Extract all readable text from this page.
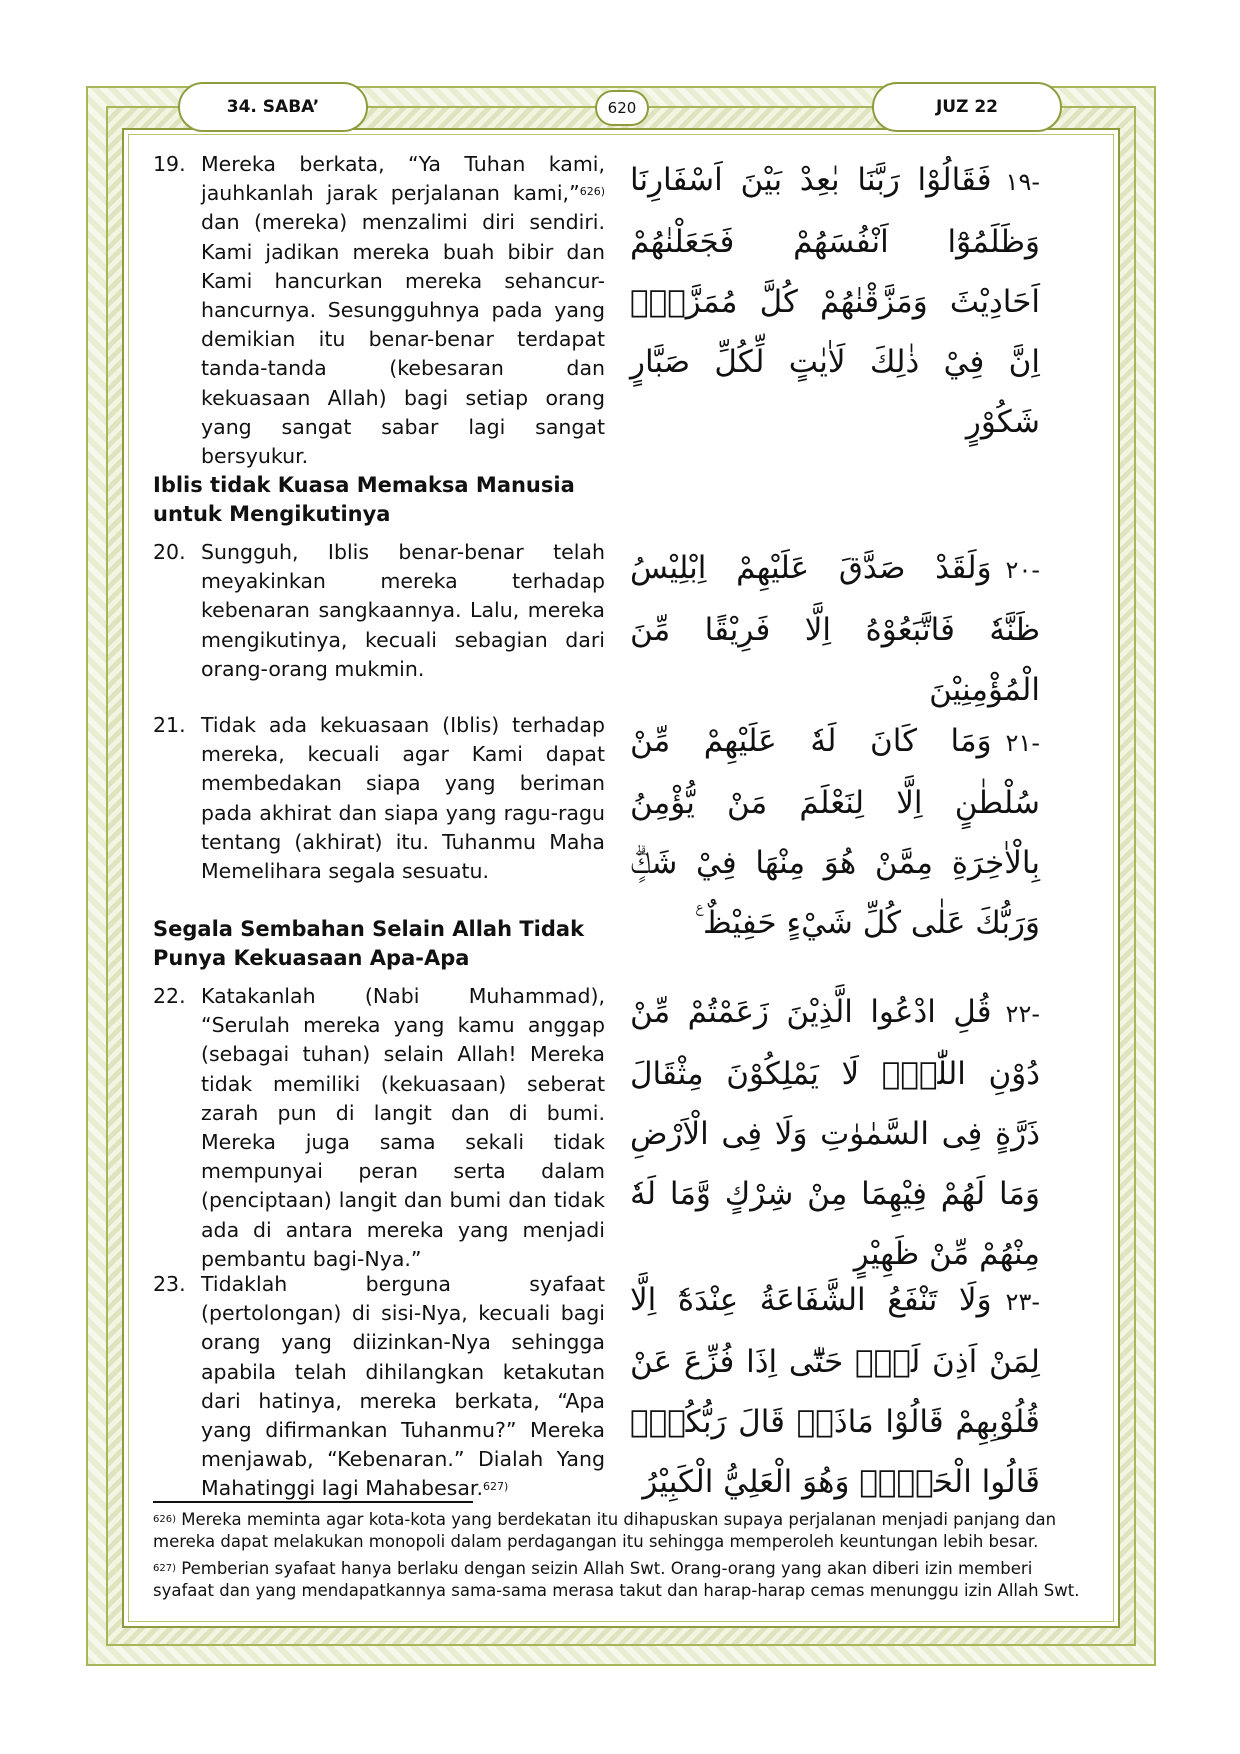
34. SABA’	620	JUZ 22
19. Mereka berkata, “Ya Tuhan kami, jauhkanlah jarak perjalanan kami,”$^{626)}$ dan (mereka) menzalimi diri sendiri. Kami jadikan mereka buah bibir dan Kami hancurkan mereka sehancur-hancurnya. Sesungguhnya pada yang demikian itu benar-benar terdapat tanda-tanda (kebesaran dan kekuasaan Allah) bagi setiap orang yang sangat sabar lagi sangat bersyukur.
-١٩فَقَالُوْا رَبَّنَا بٰعِدْ بَيْنَ اَسْفَارِنَا وَظَلَمُوْٓا اَنْفُسَهُمْ فَجَعَلْنٰهُمْ اَحَادِيْثَ وَمَزَّقْنٰهُمْ كُلَّ مُمَزَّقٍۗ اِنَّ فِيْ ذٰلِكَ لَاٰيٰتٍ لِّكُلِّ صَبَّارٍ شَكُوْرٍ
Iblis tidak Kuasa Memaksa Manusia untuk Mengikutinya
20. Sungguh, Iblis benar-benar telah meyakinkan mereka terhadap kebenaran sangkaannya. Lalu, mereka mengikutinya, kecuali sebagian dari orang-orang mukmin.
-٢٠وَلَقَدْ صَدَّقَ عَلَيْهِمْ اِبْلِيْسُ ظَنَّهٗ فَاتَّبَعُوْهُ اِلَّا فَرِيْقًا مِّنَ الْمُؤْمِنِيْنَ
21. Tidak ada kekuasaan (Iblis) terhadap mereka, kecuali agar Kami dapat membedakan siapa yang beriman pada akhirat dan siapa yang ragu-ragu tentang (akhirat) itu. Tuhanmu Maha Memelihara segala sesuatu.
-٢١وَمَا كَانَ لَهٗ عَلَيْهِمْ مِّنْ سُلْطٰنٍ اِلَّا لِنَعْلَمَ مَنْ يُّؤْمِنُ بِالْاٰخِرَةِ مِمَّنْ هُوَ مِنْهَا فِيْ شَكٍّۗ وَرَبُّكَ عَلٰى كُلِّ شَيْءٍ حَفِيْظٌ ࣖ
Segala Sembahan Selain Allah Tidak Punya Kekuasaan Apa-Apa
22. Katakanlah (Nabi Muhammad), “Serulah mereka yang kamu anggap (sebagai tuhan) selain Allah! Mereka tidak memiliki (kekuasaan) seberat zarah pun di langit dan di bumi. Mereka juga sama sekali tidak mempunyai peran serta dalam (penciptaan) langit dan bumi dan tidak ada di antara mereka yang menjadi pembantu bagi-Nya.”
-٢٢قُلِ ادْعُوا الَّذِيْنَ زَعَمْتُمْ مِّنْ دُوْنِ اللّٰهِۚ لَا يَمْلِكُوْنَ مِثْقَالَ ذَرَّةٍ فِى السَّمٰوٰتِ وَلَا فِى الْاَرْضِ وَمَا لَهُمْ فِيْهِمَا مِنْ شِرْكٍ وَّمَا لَهٗ مِنْهُمْ مِّنْ ظَهِيْرٍ
23. Tidaklah berguna syafaat (pertolongan) di sisi-Nya, kecuali bagi orang yang diizinkan-Nya sehingga apabila telah dihilangkan ketakutan dari hatinya, mereka berkata, “Apa yang difirmankan Tuhanmu?” Mereka menjawab, “Kebenaran.” Dialah Yang Mahatinggi lagi Mahabesar.$^{627)}$
-٢٣وَلَا تَنْفَعُ الشَّفَاعَةُ عِنْدَهٗٓ اِلَّا لِمَنْ اَذِنَ لَهٗۗ حَتّٰٓى اِذَا فُزِّعَ عَنْ قُلُوْبِهِمْ قَالُوْا مَاذَاۙ قَالَ رَبُّكُمْۗ قَالُوا الْحَقَّۚ وَهُوَ الْعَلِيُّ الْكَبِيْرُ
$^{626)}$ Mereka meminta agar kota-kota yang berdekatan itu dihapuskan supaya perjalanan menjadi panjang dan mereka dapat melakukan monopoli dalam perdagangan itu sehingga memperoleh keuntungan lebih besar.
$^{627)}$ Pemberian syafaat hanya berlaku dengan seizin Allah Swt. Orang-orang yang akan diberi izin memberi syafaat dan yang mendapatkannya sama-sama merasa takut dan harap-harap cemas menunggu izin Allah Swt.
